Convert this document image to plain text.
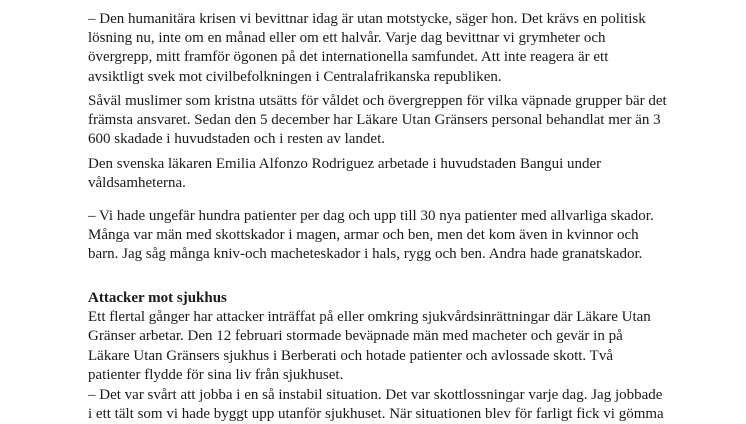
– Den humanitära krisen vi bevittnar idag är utan motstycke, säger hon. Det krävs en politisk
lösning nu, inte om en månad eller om ett halvår. Varje dag bevittnar vi grymheter och
övergrepp, mitt framför ögonen på det internationella samfundet. Att inte reagera är ett
avsiktligt svek mot civilbefolkningen i Centralafrikanska republiken.
Såväl muslimer som kristna utsätts för våldet och övergreppen för vilka väpnade grupper bär det
främsta ansvaret. Sedan den 5 december har Läkare Utan Gränsers personal behandlat mer än 3
600 skadade i huvudstaden och i resten av landet.
Den svenska läkaren Emilia Alfonzo Rodriguez arbetade i huvudstaden Bangui under
våldsamheterna.
– Vi hade ungefär hundra patienter per dag och upp till 30 nya patienter med allvarliga skador.
Många var män med skottskador i magen, armar och ben, men det kom även in kvinnor och
barn. Jag såg många kniv-och macheteskador i hals, rygg och ben. Andra hade granatskador.
Attacker mot sjukhus
Ett flertal gånger har attacker inträffat på eller omkring sjukvårdsinrättningar där Läkare Utan
Gränser arbetar. Den 12 februari stormade beväpnade män med macheter och gevär in på
Läkare Utan Gränsers sjukhus i Berberati och hotade patienter och avlossade skott. Två
patienter flydde för sina liv från sjukhuset.
– Det var svårt att jobba i en så instabil situation. Det var skottlossningar varje dag. Jag jobbade
i ett tält som vi hade byggt upp utanför sjukhuset. När situationen blev för farligt fick vi gömma
